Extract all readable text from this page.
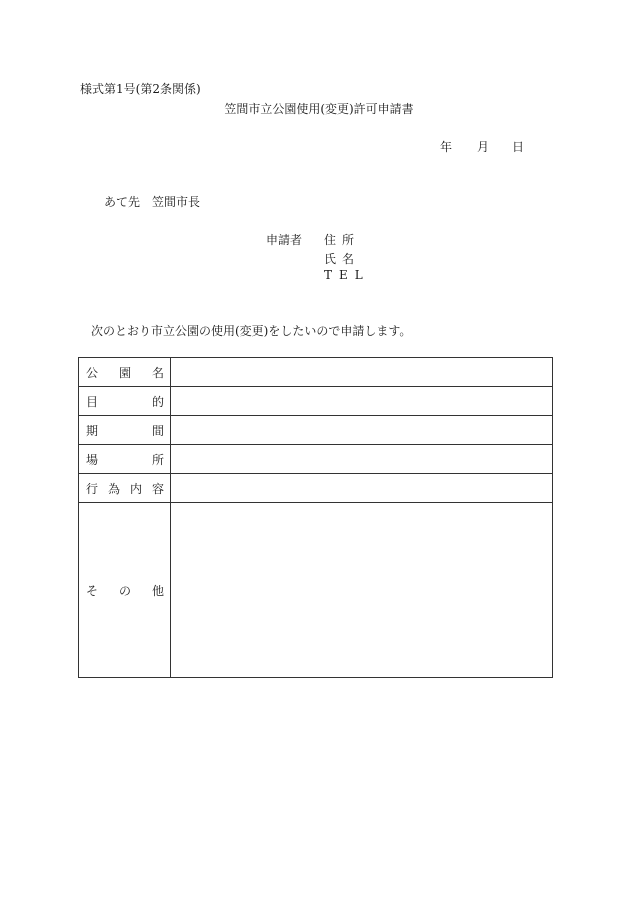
様式第1号(第2条関係)
笠間市立公園使用(変更)許可申請書
年 月 日
あて先　笠間市長
申請者 住所
氏名
TEL
次のとおり市立公園の使用(変更)をしたいので申請します。
公 園 名	

目 的	

期 間	

場 所	

行 為 内 容	

そ の 他	
